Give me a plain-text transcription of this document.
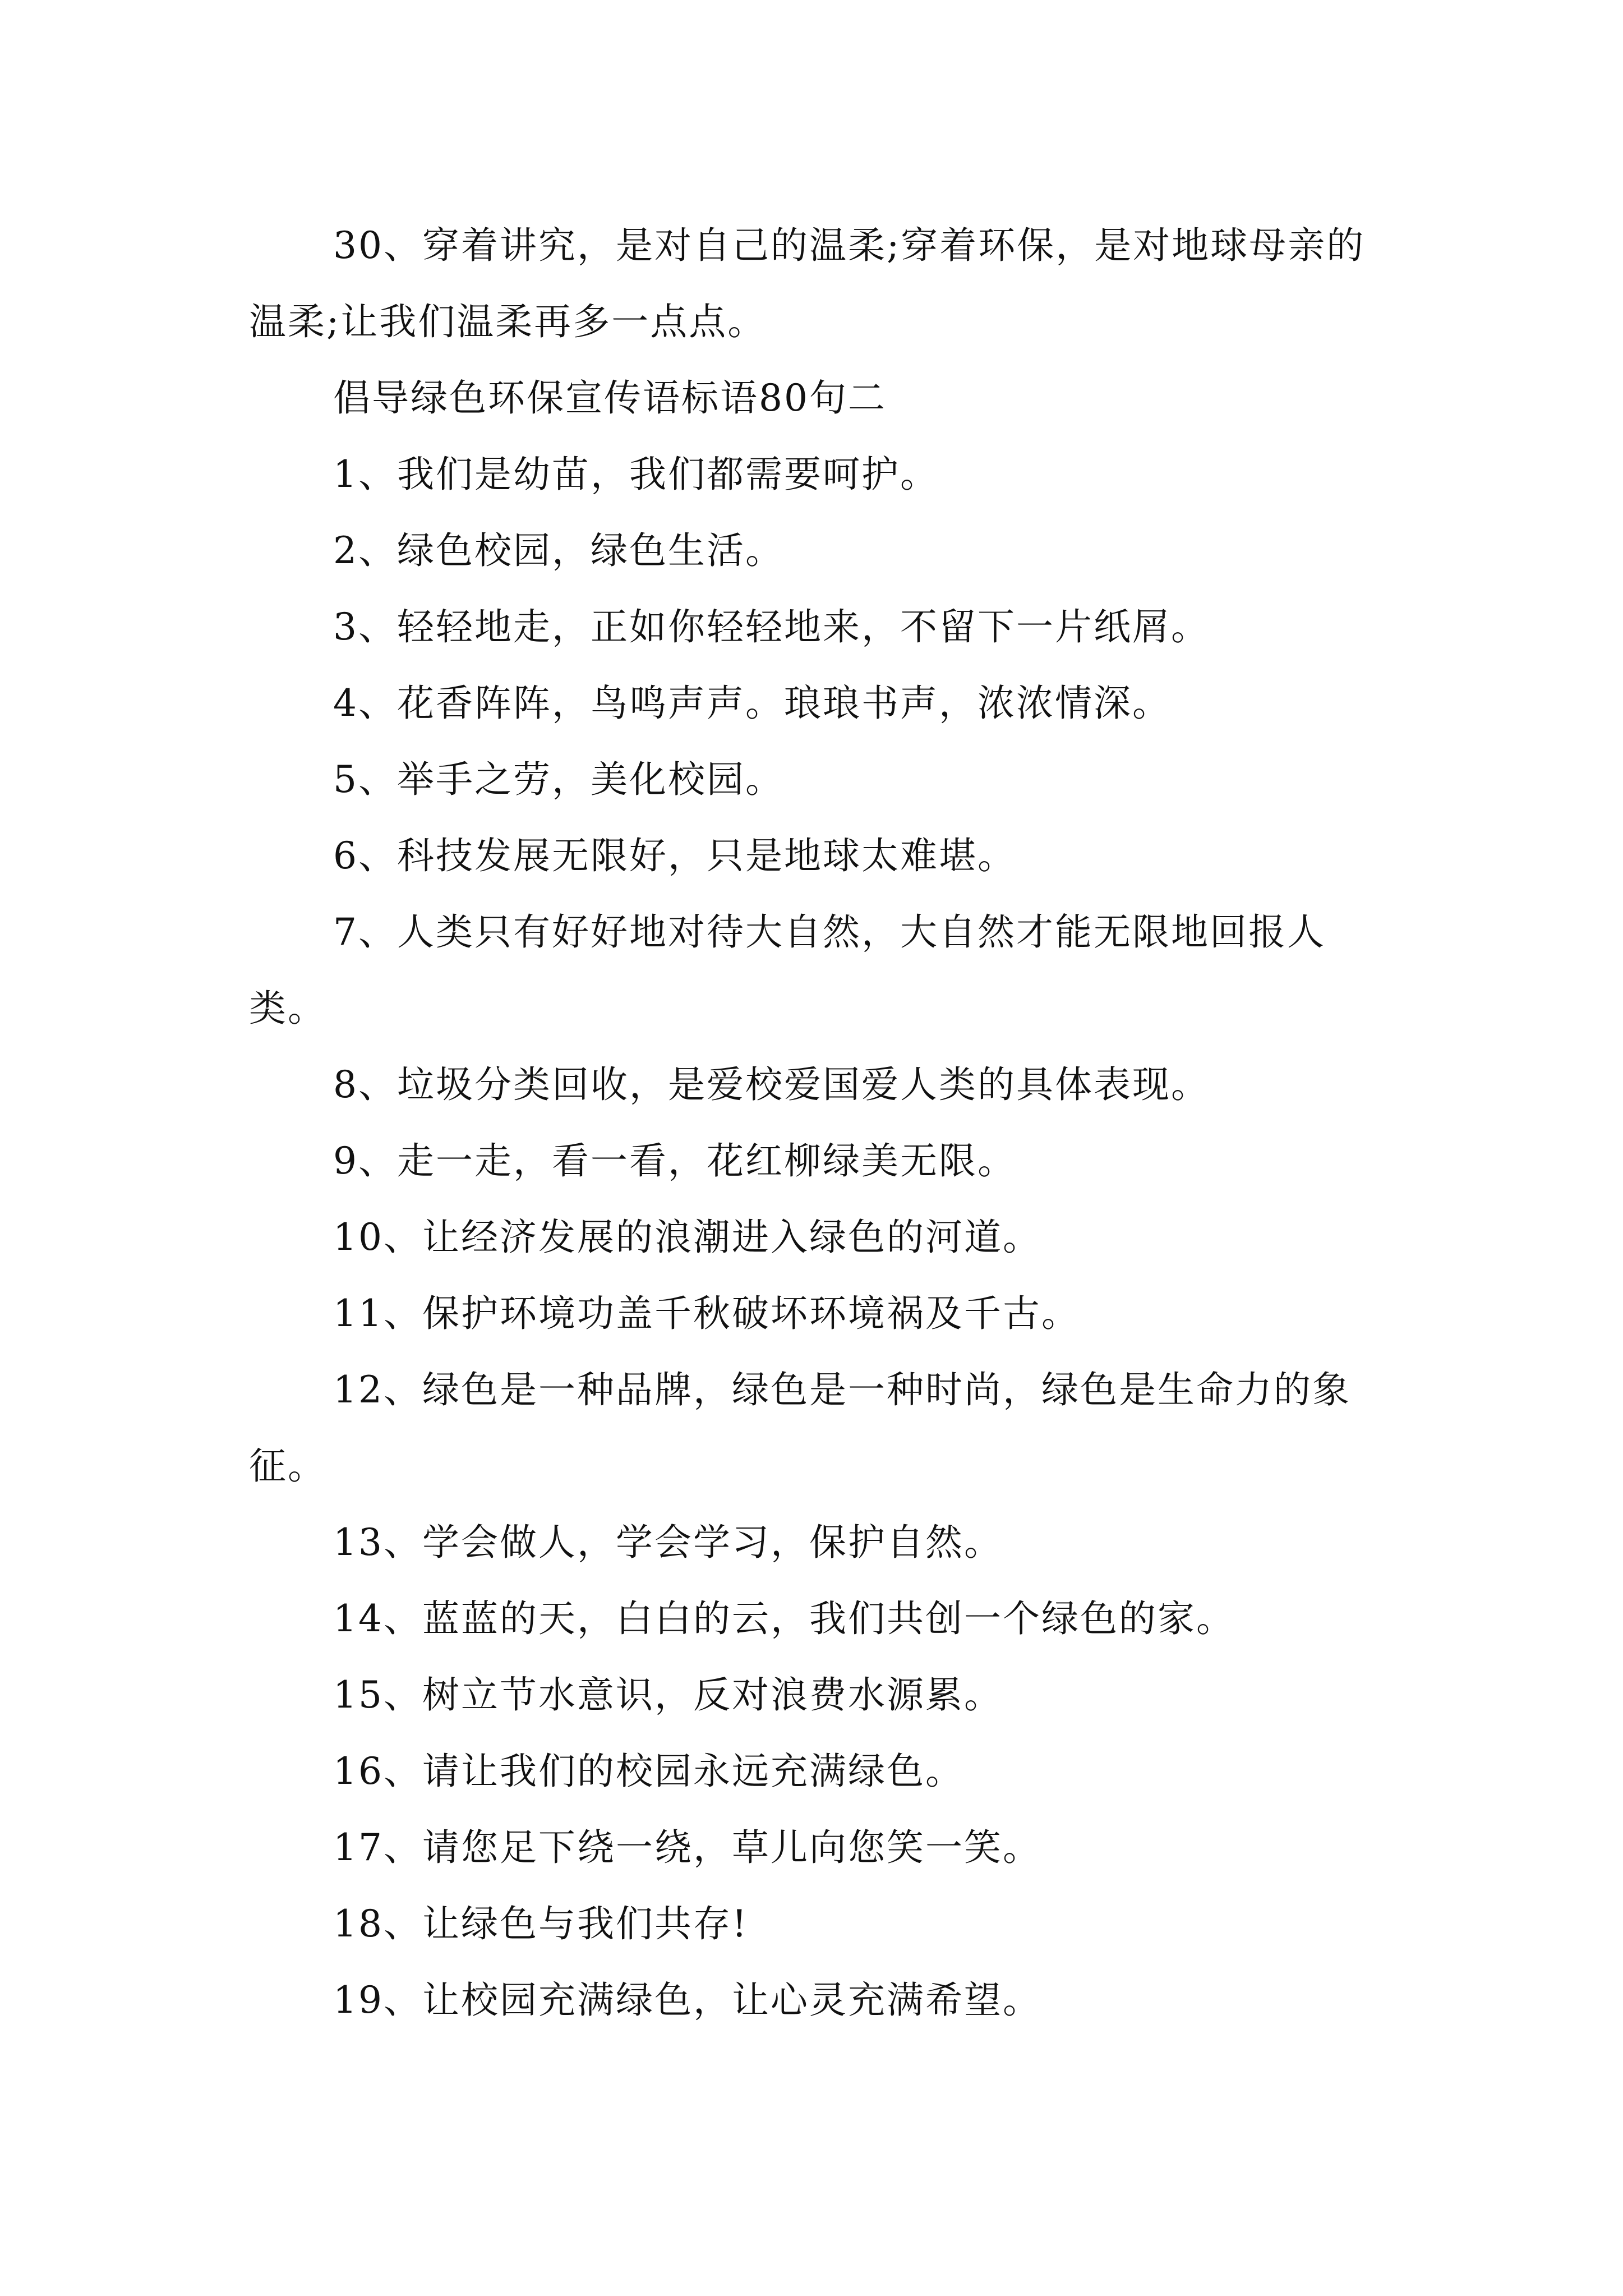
30、穿着讲究，是对自己的温柔;穿着环保，是对地球母亲的温柔;让我们温柔再多一点点。

倡导绿色环保宣传语标语80句二

1、我们是幼苗，我们都需要呵护。

2、绿色校园，绿色生活。

3、轻轻地走，正如你轻轻地来，不留下一片纸屑。

4、花香阵阵，鸟鸣声声。琅琅书声，浓浓情深。

5、举手之劳，美化校园。

6、科技发展无限好，只是地球太难堪。

7、人类只有好好地对待大自然，大自然才能无限地回报人类。

8、垃圾分类回收，是爱校爱国爱人类的具体表现。

9、走一走，看一看，花红柳绿美无限。

10、让经济发展的浪潮进入绿色的河道。

11、保护环境功盖千秋破坏环境祸及千古。

12、绿色是一种品牌，绿色是一种时尚，绿色是生命力的象征。

13、学会做人，学会学习，保护自然。

14、蓝蓝的天，白白的云，我们共创一个绿色的家。

15、树立节水意识，反对浪费水源累。

16、请让我们的校园永远充满绿色。

17、请您足下绕一绕，草儿向您笑一笑。

18、让绿色与我们共存!

19、让校园充满绿色，让心灵充满希望。
